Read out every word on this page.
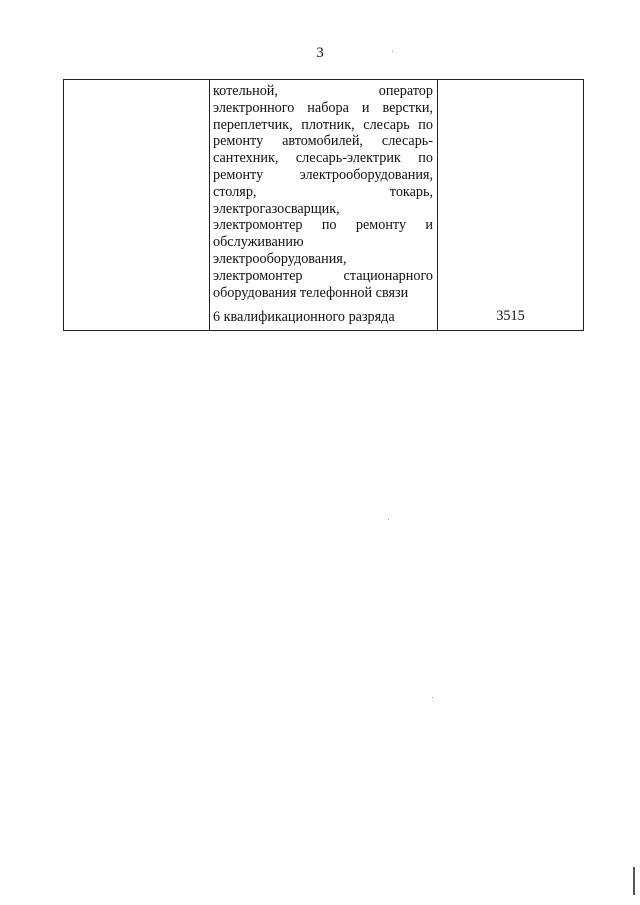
3

котельной, оператор
электронного набора и верстки,
переплетчик, плотник, слесарь по
ремонту автомобилей, слесарь-
сантехник, слесарь-электрик по
ремонту электрооборудования,
столяр, токарь,
электрогазосварщик,
электромонтер по ремонту и
обслуживанию
электрооборудования,
электромонтер стационарного
оборудования телефонной связи
6 квалификационного разряда	3515
